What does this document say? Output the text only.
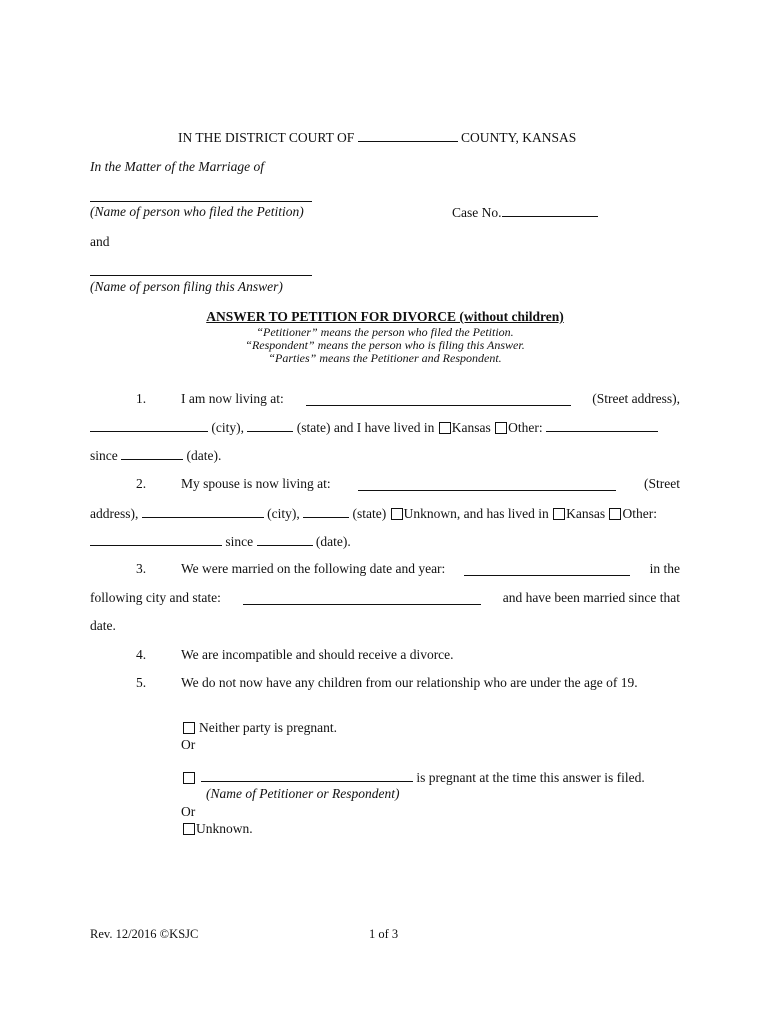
IN THE DISTRICT COURT OF	COUNTY, KANSAS
In the Matter of the Marriage of
(Name of person who filed the Petition)	Case No.
and
(Name of person filing this Answer)
ANSWER TO PETITION FOR DIVORCE (without children)
“Petitioner” means the person who filed the Petition.
“Respondent” means the person who is filing this Answer.
“Parties” means the Petitioner and Respondent.
1.	I am now living at:	(Street address),
(city),	(state) and I have lived in Kansas Other:
since	(date).
2.	My spouse is now living at:	(Street
address),	(city),	(state) Unknown, and has lived in Kansas Other:
since	(date).
3.	We were married on the following date and year:	in the
following city and state:	and have been married since that
date.
4.	We are incompatible and should receive a divorce.
5.	We do not now have any children from our relationship who are under the age of 19.
Neither party is pregnant.
Or
is pregnant at the time this answer is filed.
(Name of Petitioner or Respondent)
Or
Unknown.
Rev. 12/2016 ©KSJC	1 of 3
